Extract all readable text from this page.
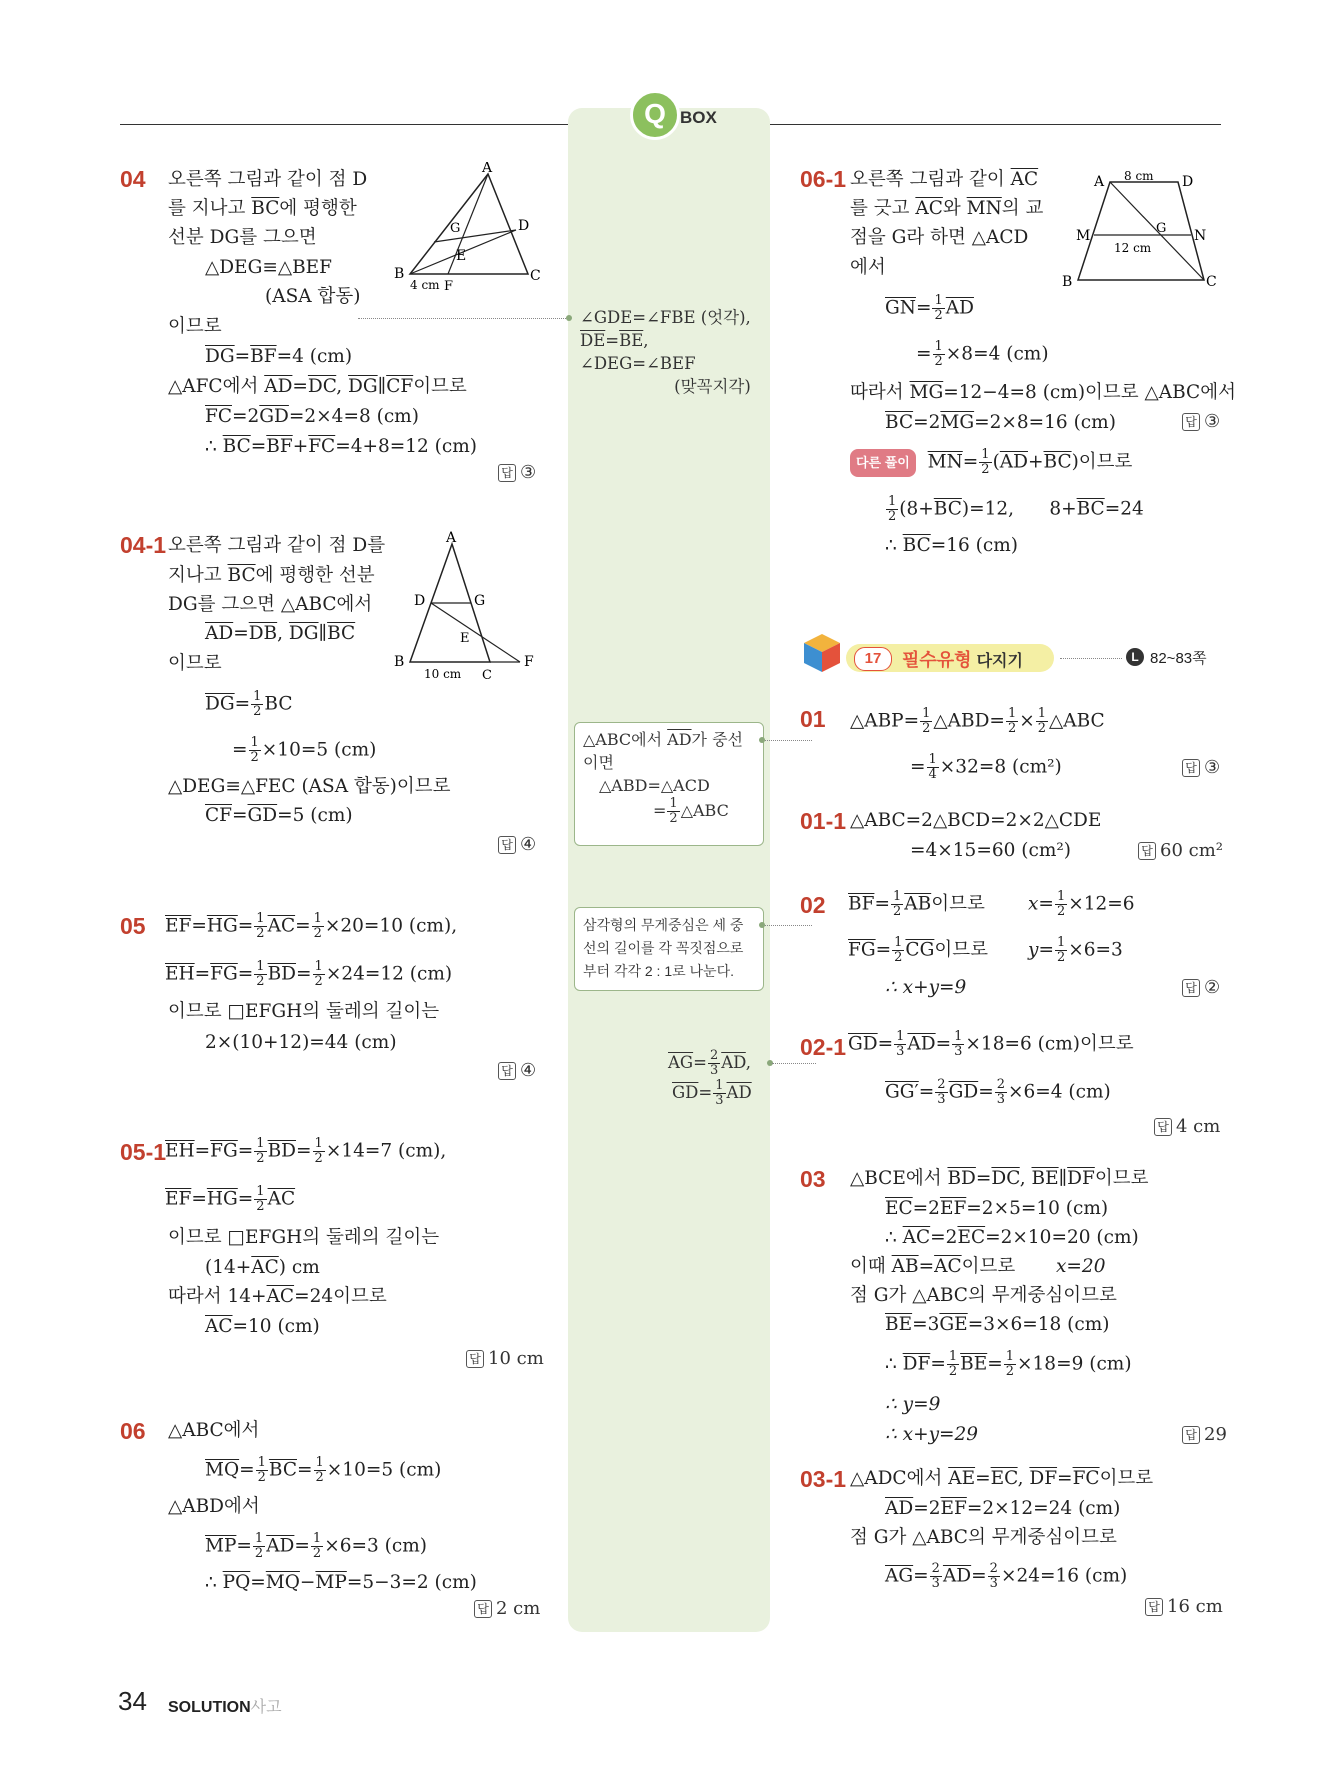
Q BOX
04 오른쪽 그림과 같이 점 D
를 지나고 $\overline{BC}$에 평행한
선분 DG를 그으면
△DEG≡△BEF
(ASA 합동)
이므로
$\overline{DG}=\overline{BF}=4$ (cm)
△AFC에서 $\overline{AD}=\overline{DC}$, $\overline{DG}\parallel\overline{CF}$이므로
$\overline{FC}=2\overline{GD}=2\times 4=8$ (cm)
∴ $\overline{BC}=\overline{BF}+\overline{FC}=4+8=12$ (cm)
답 ③
A
B	C
D
E
F
G
4 cm
04-1 오른쪽 그림과 같이 점 D를
지나고 $\overline{BC}$에 평행한 선분
DG를 그으면 △ABC에서
$\overline{AD}=\overline{DB}$, $\overline{DG}\parallel\overline{BC}$
이므로
$\overline{DG}= \frac{1}{2}$ BC
= $\frac{1}{2} \times 10=5$ (cm)
△DEG≡△FEC (ASA 합동)이므로
$\overline{CF}=\overline{GD}=5$ (cm)
답 ④
A
B
C
D
E
F
G
10 cm
05 $\overline{EF}=\overline{HG}= \frac{1}{2} \overline{AC}= \frac{1}{2} \times 20=10$ (cm),
$\overline{EH}=\overline{FG}= \frac{1}{2} \overline{BD}= \frac{1}{2} \times 24=12$ (cm)
이므로 □EFGH의 둘레의 길이는
2×(10+12)=44 (cm)
답 ④
05-1
$\overline{EH}=\overline{FG}= \frac{1}{2} \overline{BD}= \frac{1}{2} \times 14=7$ (cm),
$\overline{EF}=\overline{HG}= \frac{1}{2} \overline{AC}$
이므로 □EFGH의 둘레의 길이는
$(14+\overline{AC})$ cm
따라서 $14+\overline{AC}=24$이므로
$\overline{AC}=10$ (cm)
답 10 cm
06 △ABC에서
$\overline{MQ}= \frac{1}{2} \overline{BC}= \frac{1}{2} \times 10=5$ (cm)
△ABD에서
$\overline{MP}= \frac{1}{2} \overline{AD}= \frac{1}{2} \times 6=3$ (cm)
∴ $\overline{PQ}=\overline{MQ}-\overline{MP}=5-3=2$ (cm)
답 2 cm
∠GDE=∠FBE (엇각),
$\overline{DE}=\overline{BE}$,
∠DEG=∠BEF
(맞꼭지각)
△ABC에서 $\overline{AD}$가 중선
이면
△ABD=△ACD
= $\frac{1}{2}$ △ABC
삼각형의 무게중심은 세 중
선의 길이를 각 꼭짓점으로
부터 각각 2 : 1로 나눈다.
$\overline{AG}= \frac{2}{3} \overline{AD}$,
$\overline{GD}= \frac{1}{3} \overline{AD}$
06-1 오른쪽 그림과 같이 $\overline{AC}$
를 긋고 $\overline{AC}$와 $\overline{MN}$의 교
점을 G라 하면 △ACD
에서
$\overline{GN}= \frac{1}{2} \overline{AD}$
= $\frac{1}{2} \times 8=4$ (cm)
따라서 $\overline{MG}=12-4=8$ (cm)이므로 △ABC에서
$\overline{BC}=2\overline{MG}=2\times 8=16$ (cm)	답 ③
다른 풀이 $\overline{MN}= \frac{1}{2} (\overline{AD}+\overline{BC})$이므로
$\frac{1}{2} (8+\overline{BC})=12$, $8+\overline{BC}=24$
∴ $\overline{BC}=16$ (cm)
A	D
B	C
M	N
G
8 cm
12 cm
17	필수유형 다지기	L 82~83쪽
01 △ABP= $\frac{1}{2}$ △ABD= $\frac{1}{2} \times \frac{1}{2}$ △ABC
= $\frac{1}{4} \times 32=8$ (cm²)	답 ③
01-1 △ABC=2△BCD=2×2△CDE
=4×15=60 (cm²)	답 60 cm²
02 $\overline{BF}= \frac{1}{2} \overline{AB}$이므로 $x= \frac{1}{2} \times 12=6$
$\overline{FG}= \frac{1}{2} \overline{CG}$이므로 $y= \frac{1}{2} \times 6=3$
∴ x+y=9	답 ②
02-1 $\overline{GD}= \frac{1}{3} \overline{AD}= \frac{1}{3} \times 18=6$ (cm)이므로
$GG'= \frac{2}{3} \overline{GD}= \frac{2}{3} \times 6=4$ (cm)
답 4 cm
03 △BCE에서 $\overline{BD}=\overline{DC}$, $\overline{BE}\parallel\overline{DF}$이므로
$\overline{EC}=2\overline{EF}=2\times 5=10$ (cm)
∴ $\overline{AC}=2\overline{EC}=2\times 10=20$ (cm)
이때 $\overline{AB}=\overline{AC}$이므로 x=20
점 G가 △ABC의 무게중심이므로
$\overline{BE}=3\overline{GE}=3\times 6=18$ (cm)
∴ $\overline{DF}= \frac{1}{2} \overline{BE}= \frac{1}{2} \times 18=9$ (cm)
∴ y=9
∴ x+y=29	답 29
03-1 △ADC에서 $\overline{AE}=\overline{EC}$, $\overline{DF}=\overline{FC}$이므로
$\overline{AD}=2\overline{EF}=2\times 12=24$ (cm)
점 G가 △ABC의 무게중심이므로
$\overline{AG}= \frac{2}{3} \overline{AD}= \frac{2}{3} \times 24=16$ (cm)
답 16 cm
34 SOLUTION사고
